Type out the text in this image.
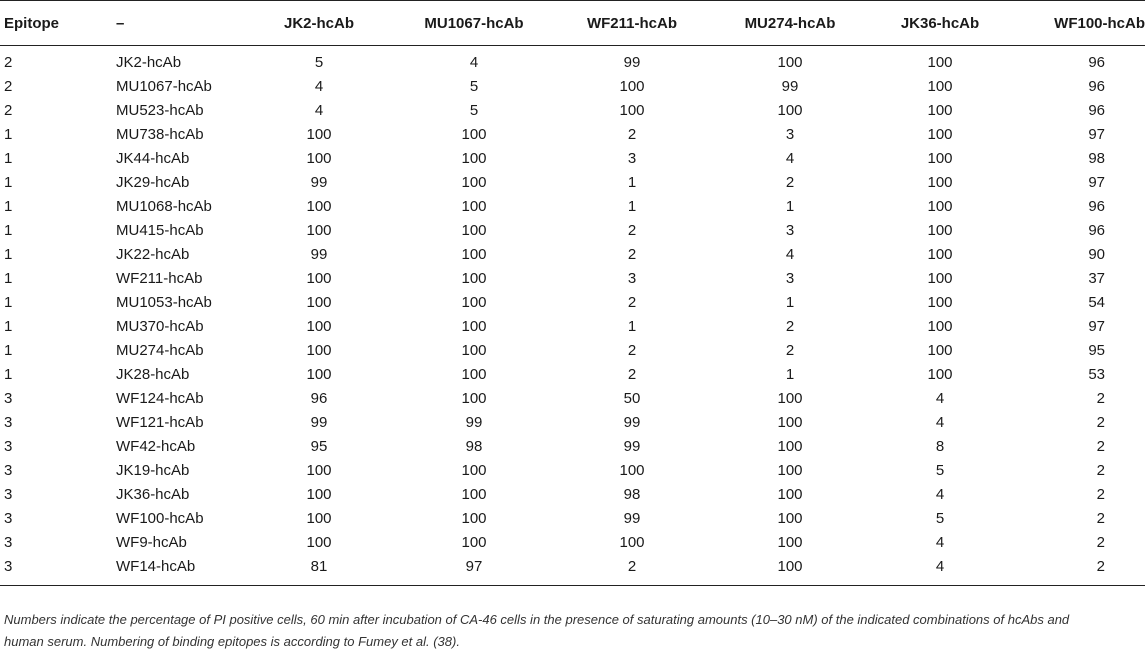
Epitope	–	JK2-hcAb	MU1067-hcAb	WF211-hcAb	MU274-hcAb	JK36-hcAb	WF100-hcAb
2	JK2-hcAb	5	4	99	100	100	96
2	MU1067-hcAb	4	5	100	99	100	96
2	MU523-hcAb	4	5	100	100	100	96
1	MU738-hcAb	100	100	2	3	100	97
1	JK44-hcAb	100	100	3	4	100	98
1	JK29-hcAb	99	100	1	2	100	97
1	MU1068-hcAb	100	100	1	1	100	96
1	MU415-hcAb	100	100	2	3	100	96
1	JK22-hcAb	99	100	2	4	100	90
1	WF211-hcAb	100	100	3	3	100	37
1	MU1053-hcAb	100	100	2	1	100	54
1	MU370-hcAb	100	100	1	2	100	97
1	MU274-hcAb	100	100	2	2	100	95
1	JK28-hcAb	100	100	2	1	100	53
3	WF124-hcAb	96	100	50	100	4	2
3	WF121-hcAb	99	99	99	100	4	2
3	WF42-hcAb	95	98	99	100	8	2
3	JK19-hcAb	100	100	100	100	5	2
3	JK36-hcAb	100	100	98	100	4	2
3	WF100-hcAb	100	100	99	100	5	2
3	WF9-hcAb	100	100	100	100	4	2
3	WF14-hcAb	81	97	2	100	4	2

Numbers indicate the percentage of PI positive cells, 60 min after incubation of CA-46 cells in the presence of saturating amounts (10–30 nM) of the indicated combinations of hcAbs and human serum. Numbering of binding epitopes is according to Fumey et al. (38).
